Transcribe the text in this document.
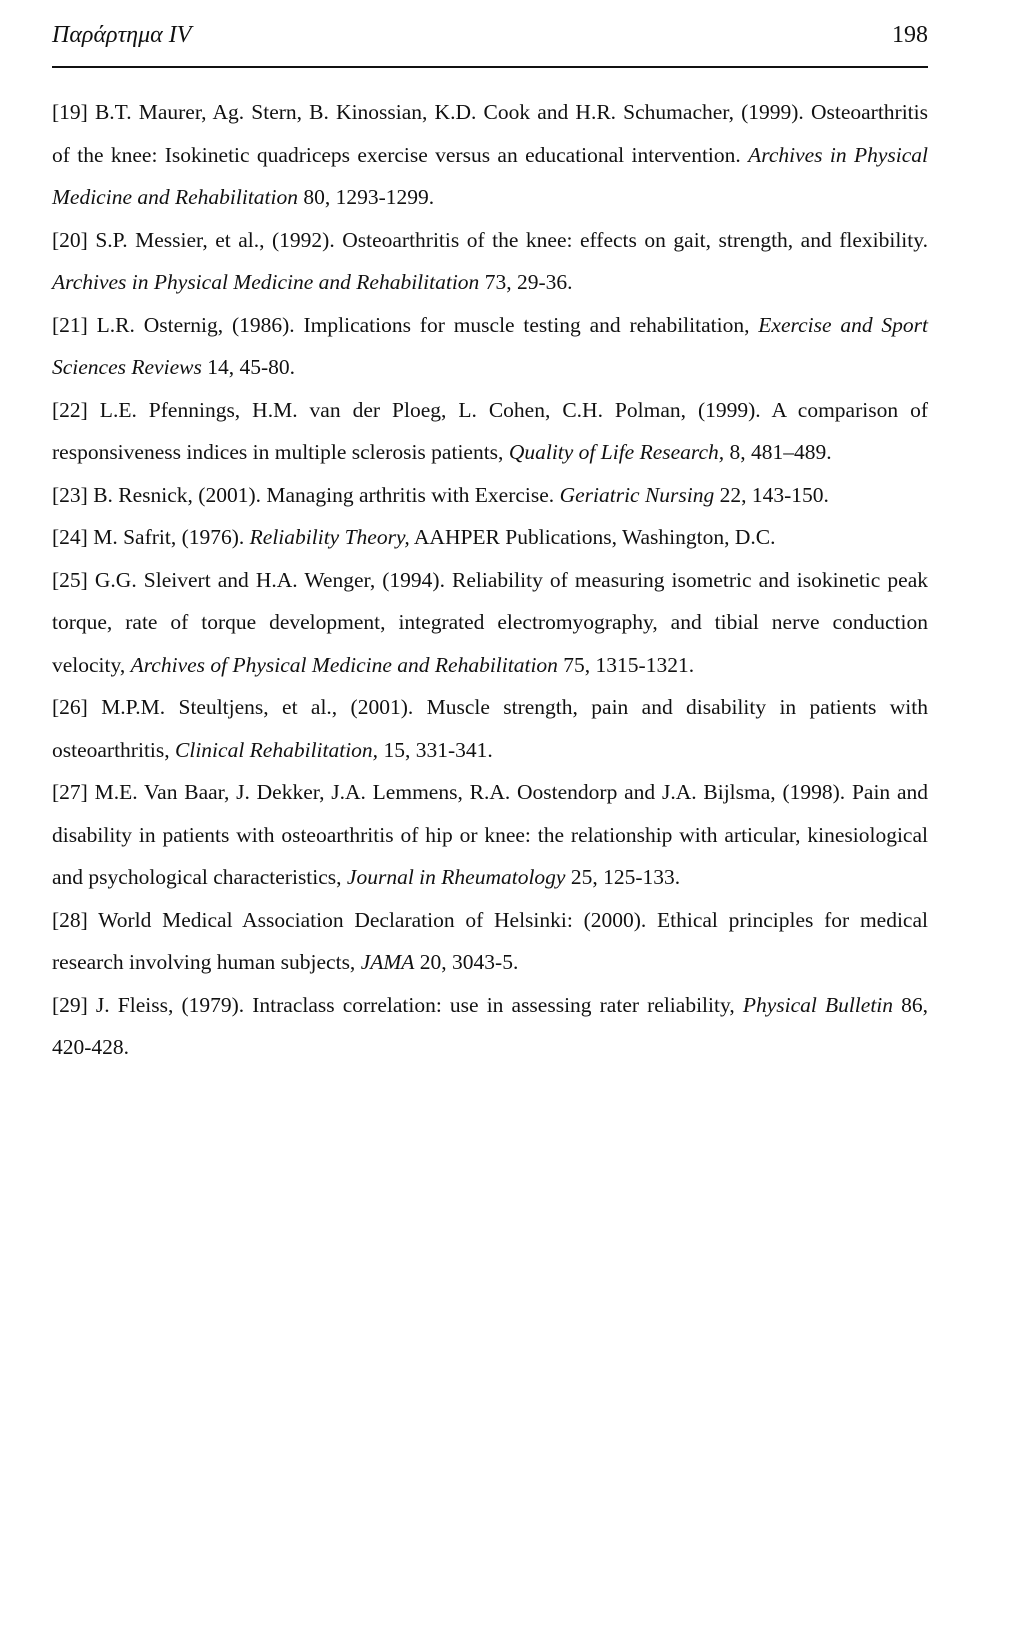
Παράρτημα IV	198

[19] B.T. Maurer, Ag. Stern, B. Kinossian, K.D. Cook and H.R. Schumacher, (1999). Osteoarthritis of the knee: Isokinetic quadriceps exercise versus an educational intervention. Archives in Physical Medicine and Rehabilitation 80, 1293-1299.

[20] S.P. Messier, et al., (1992). Osteoarthritis of the knee: effects on gait, strength, and flexibility. Archives in Physical Medicine and Rehabilitation 73, 29-36.

[21] L.R. Osternig, (1986). Implications for muscle testing and rehabilitation, Exercise and Sport Sciences Reviews 14, 45-80.

[22] L.E. Pfennings, H.M. van der Ploeg, L. Cohen, C.H. Polman, (1999). A comparison of responsiveness indices in multiple sclerosis patients, Quality of Life Research, 8, 481–489.

[23] B. Resnick, (2001). Managing arthritis with Exercise. Geriatric Nursing 22, 143-150.

[24] M. Safrit, (1976). Reliability Theory, AAHPER Publications, Washington, D.C.

[25] G.G. Sleivert and H.A. Wenger, (1994). Reliability of measuring isometric and isokinetic peak torque, rate of torque development, integrated electromyography, and tibial nerve conduction velocity, Archives of Physical Medicine and Rehabilitation 75, 1315-1321.

[26] M.P.M. Steultjens, et al., (2001). Muscle strength, pain and disability in patients with osteoarthritis, Clinical Rehabilitation, 15, 331-341.

[27] M.E. Van Baar, J. Dekker, J.A. Lemmens, R.A. Oostendorp and J.A. Bijlsma, (1998). Pain and disability in patients with osteoarthritis of hip or knee: the relationship with articular, kinesiological and psychological characteristics, Journal in Rheumatology 25, 125-133.

[28] World Medical Association Declaration of Helsinki: (2000). Ethical principles for medical research involving human subjects, JAMA 20, 3043-5.

[29] J. Fleiss, (1979). Intraclass correlation: use in assessing rater reliability, Physical Bulletin 86, 420-428.
